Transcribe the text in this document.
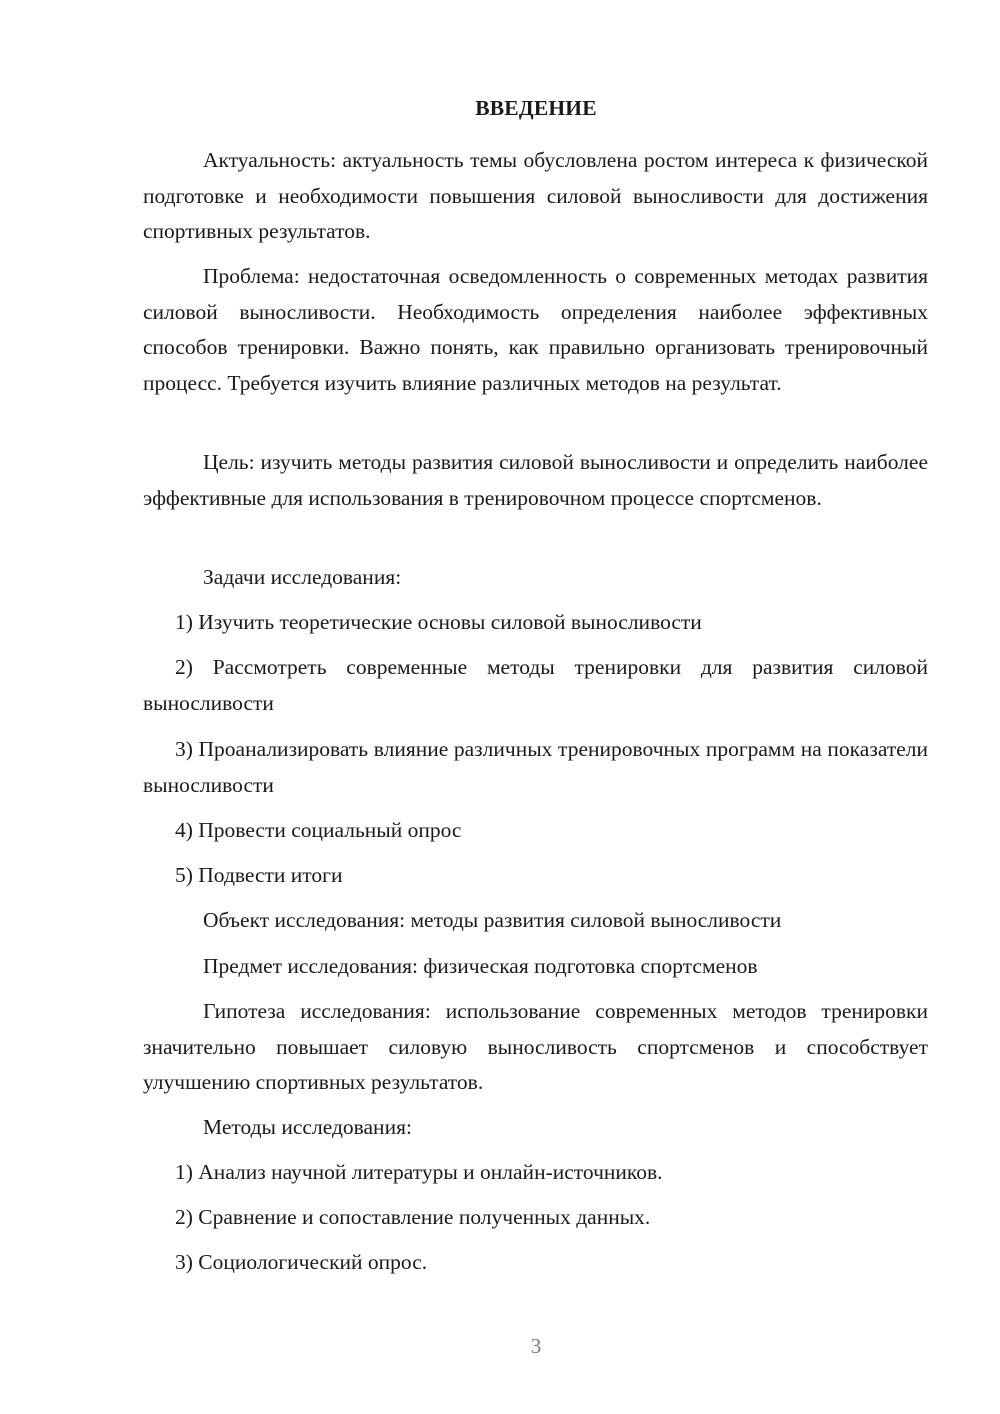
ВВЕДЕНИЕ

Актуальность: актуальность темы обусловлена ростом интереса к физической подготовке и необходимости повышения силовой выносливости для достижения спортивных результатов.

Проблема: недостаточная осведомленность о современных методах развития силовой выносливости. Необходимость определения наиболее эффективных способов тренировки. Важно понять, как правильно организовать тренировочный процесс. Требуется изучить влияние различных методов на результат.

Цель: изучить методы развития силовой выносливости и определить наиболее эффективные для использования в тренировочном процессе спортсменов.

Задачи исследования:

1) Изучить теоретические основы силовой выносливости

2) Рассмотреть современные методы тренировки для развития силовой выносливости

3) Проанализировать влияние различных тренировочных программ на показатели выносливости

4) Провести социальный опрос

5) Подвести итоги

Объект исследования: методы развития силовой выносливости

Предмет исследования: физическая подготовка спортсменов

Гипотеза исследования: использование современных методов тренировки значительно повышает силовую выносливость спортсменов и способствует улучшению спортивных результатов.

Методы исследования:

1) Анализ научной литературы и онлайн-источников.

2) Сравнение и сопоставление полученных данных.

3) Социологический опрос.

3
